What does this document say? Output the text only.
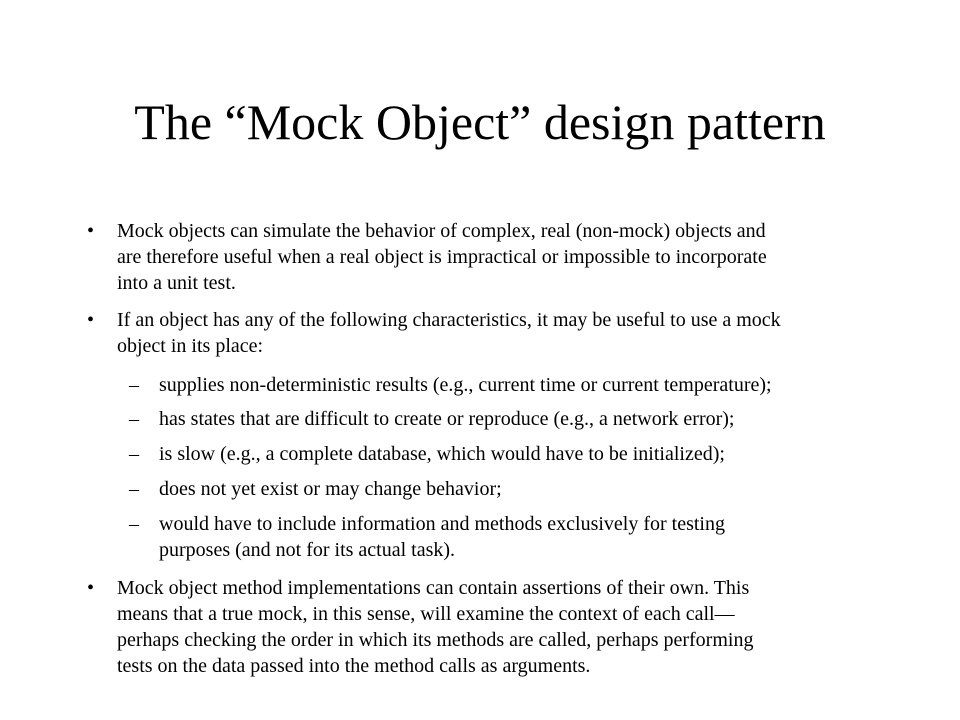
The “Mock Object” design pattern
•	Mock objects can simulate the behavior of complex, real (non-mock) objects and
are therefore useful when a real object is impractical or impossible to incorporate
into a unit test.
•	If an object has any of the following characteristics, it may be useful to use a mock
object in its place:
–	supplies non-deterministic results (e.g., current time or current temperature);
–	has states that are difficult to create or reproduce (e.g., a network error);
–	is slow (e.g., a complete database, which would have to be initialized);
–	does not yet exist or may change behavior;
–	would have to include information and methods exclusively for testing
purposes (and not for its actual task).
•	Mock object method implementations can contain assertions of their own. This
means that a true mock, in this sense, will examine the context of each call—
perhaps checking the order in which its methods are called, perhaps performing
tests on the data passed into the method calls as arguments.
